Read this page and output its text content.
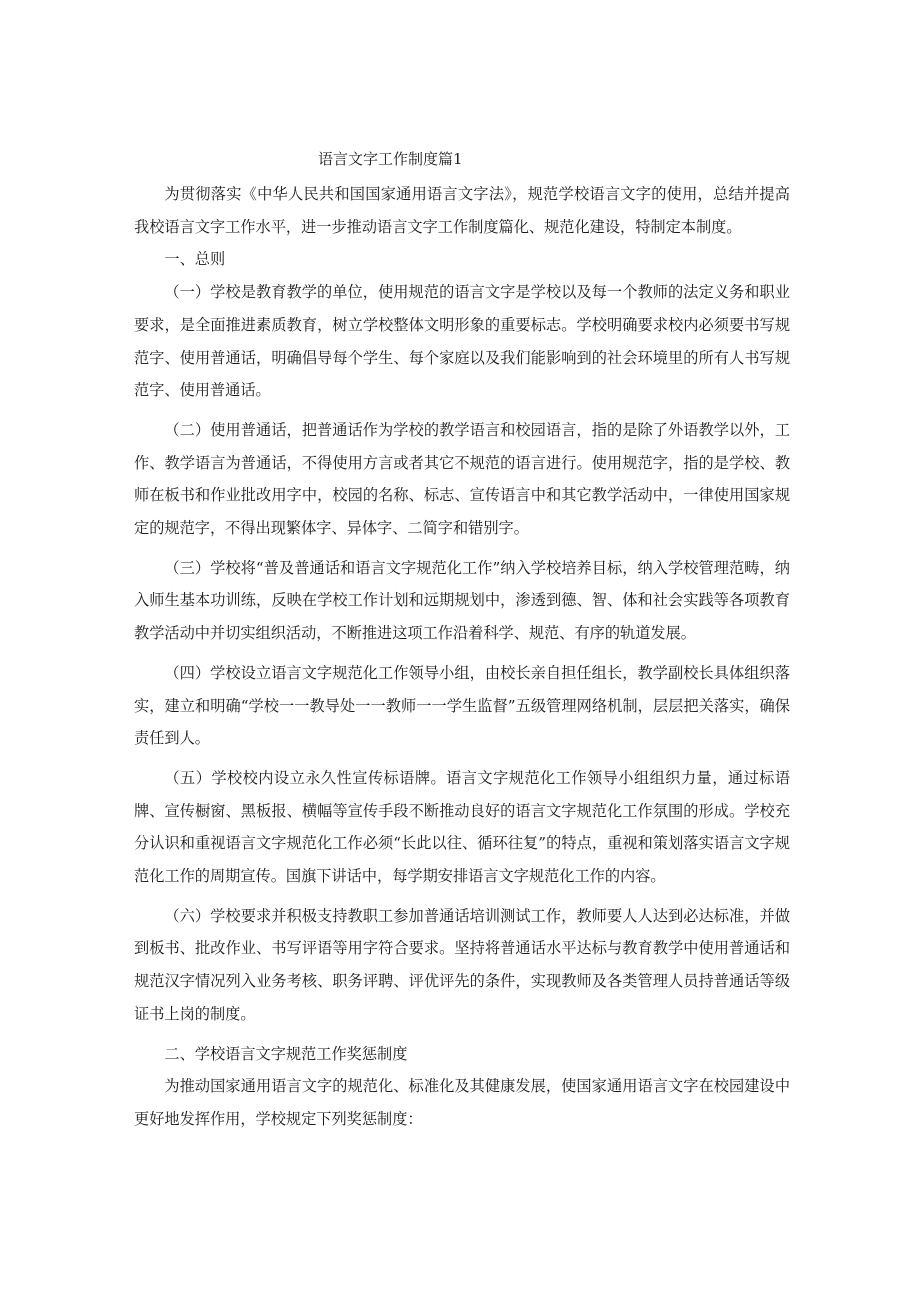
语言文字工作制度篇1

为贯彻落实《中华人民共和国国家通用语言文字法》，规范学校语言文字的使用，总结并提高我校语言文字工作水平，进一步推动语言文字工作制度篇化、规范化建设，特制定本制度。

一、总则

（一）学校是教育教学的单位，使用规范的语言文字是学校以及每一个教师的法定义务和职业要求，是全面推进素质教育，树立学校整体文明形象的重要标志。学校明确要求校内必须要书写规范字、使用普通话，明确倡导每个学生、每个家庭以及我们能影响到的社会环境里的所有人书写规范字、使用普通话。

（二）使用普通话，把普通话作为学校的教学语言和校园语言，指的是除了外语教学以外，工作、教学语言为普通话，不得使用方言或者其它不规范的语言进行。使用规范字，指的是学校、教师在板书和作业批改用字中，校园的名称、标志、宣传语言中和其它教学活动中，一律使用国家规定的规范字，不得出现繁体字、异体字、二简字和错别字。

（三）学校将“普及普通话和语言文字规范化工作”纳入学校培养目标，纳入学校管理范畴，纳入师生基本功训练，反映在学校工作计划和远期规划中，渗透到德、智、体和社会实践等各项教育教学活动中并切实组织活动，不断推进这项工作沿着科学、规范、有序的轨道发展。

（四）学校设立语言文字规范化工作领导小组，由校长亲自担任组长，教学副校长具体组织落实，建立和明确“学校一一教导处一一教师一一学生监督”五级管理网络机制，层层把关落实，确保责任到人。

（五）学校校内设立永久性宣传标语牌。语言文字规范化工作领导小组组织力量，通过标语牌、宣传橱窗、黑板报、横幅等宣传手段不断推动良好的语言文字规范化工作氛围的形成。学校充分认识和重视语言文字规范化工作必须“长此以往、循环往复”的特点，重视和策划落实语言文字规范化工作的周期宣传。国旗下讲话中，每学期安排语言文字规范化工作的内容。

（六）学校要求并积极支持教职工参加普通话培训测试工作，教师要人人达到必达标准，并做到板书、批改作业、书写评语等用字符合要求。坚持将普通话水平达标与教育教学中使用普通话和规范汉字情况列入业务考核、职务评聘、评优评先的条件，实现教师及各类管理人员持普通话等级证书上岗的制度。

二、学校语言文字规范工作奖惩制度

为推动国家通用语言文字的规范化、标准化及其健康发展，使国家通用语言文字在校园建设中更好地发挥作用，学校规定下列奖惩制度：
